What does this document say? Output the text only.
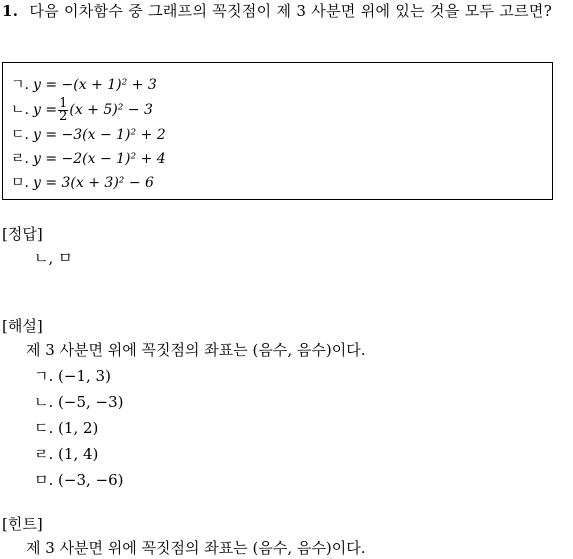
1. 다음 이차함수 중 그래프의 꼭짓점이 제 3 사분면 위에 있는 것을 모두 고르면?
ㄱ. y = −(x + 1)² + 3
ㄴ. $y = \frac{1}{2} (x + 5)^2 - 3$
ㄷ. y = −3(x − 1)² + 2
ㄹ. y = −2(x − 1)² + 4
ㅁ. y = 3(x + 3)² − 6
[정답]
ㄴ, ㅁ
[해설]
제 3 사분면 위에 꼭짓점의 좌표는 (음수, 음수)이다.
ㄱ. (−1, 3)
ㄴ. (−5, −3)
ㄷ. (1, 2)
ㄹ. (1, 4)
ㅁ. (−3, −6)
[힌트]
제 3 사분면 위에 꼭짓점의 좌표는 (음수, 음수)이다.
